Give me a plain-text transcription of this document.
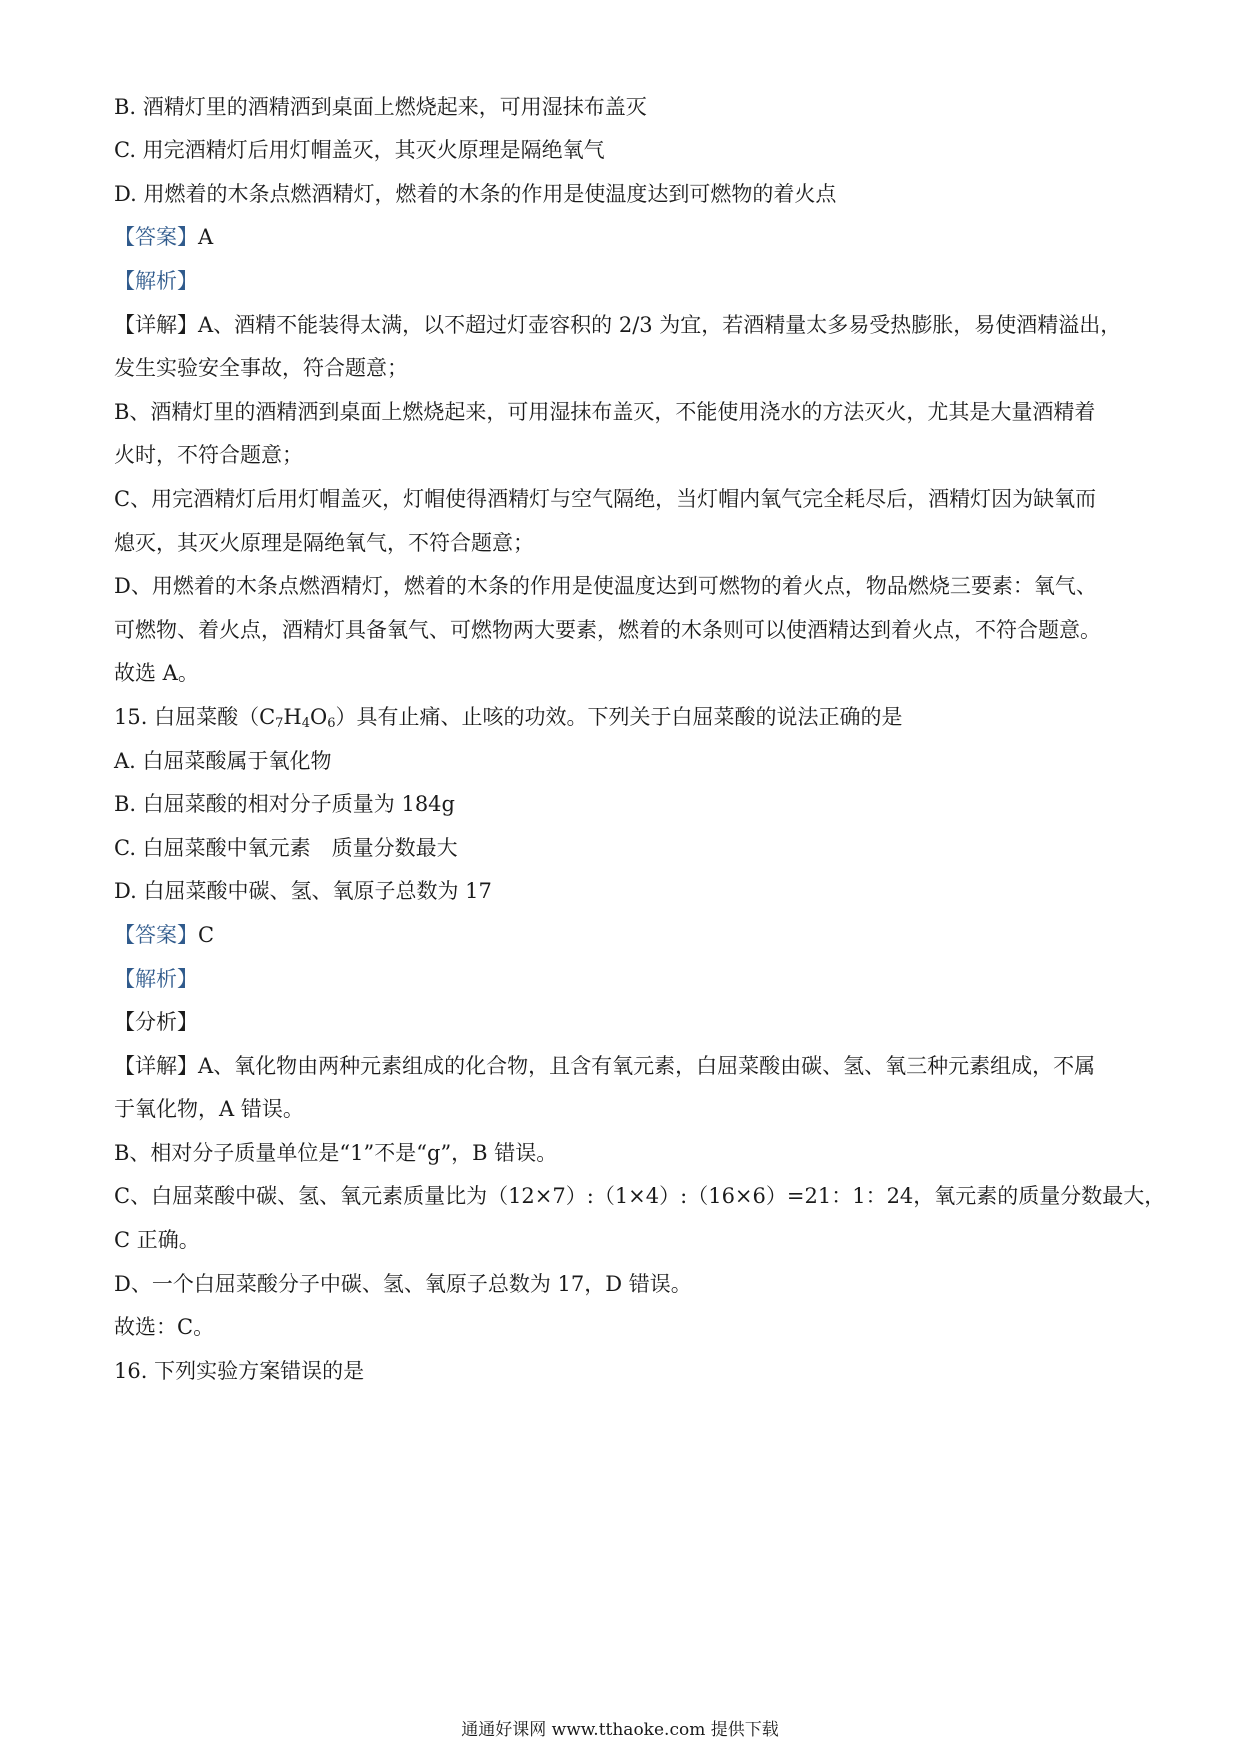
B. 酒精灯里的酒精洒到桌面上燃烧起来，可用湿抹布盖灭
C. 用完酒精灯后用灯帽盖灭，其灭火原理是隔绝氧气
D. 用燃着的木条点燃酒精灯，燃着的木条的作用是使温度达到可燃物的着火点
【答案】A
【解析】
【详解】A、酒精不能装得太满，以不超过灯壶容积的 2/3 为宜，若酒精量太多易受热膨胀，易使酒精溢出，
发生实验安全事故，符合题意；
B、酒精灯里的酒精洒到桌面上燃烧起来，可用湿抹布盖灭，不能使用浇水的方法灭火，尤其是大量酒精着
火时，不符合题意；
C、用完酒精灯后用灯帽盖灭，灯帽使得酒精灯与空气隔绝，当灯帽内氧气完全耗尽后，酒精灯因为缺氧而
熄灭，其灭火原理是隔绝氧气，不符合题意；
D、用燃着的木条点燃酒精灯，燃着的木条的作用是使温度达到可燃物的着火点，物品燃烧三要素：氧气、
可燃物、着火点，酒精灯具备氧气、可燃物两大要素，燃着的木条则可以使酒精达到着火点，不符合题意。
故选 A。
15. 白屈菜酸$(C_7H_4O_6)$具有止痛、止咳的功效。下列关于白屈菜酸的说法正确的是
A. 白屈菜酸属于氧化物
B. 白屈菜酸的相对分子质量为 184g
C. 白屈菜酸中氧元素　质量分数最大
D. 白屈菜酸中碳、氢、氧原子总数为 17
【答案】C
【解析】
【分析】
【详解】A、氧化物由两种元素组成的化合物，且含有氧元素，白屈菜酸由碳、氢、氧三种元素组成，不属
于氧化物，A 错误。
B、相对分子质量单位是“1”不是“g”，B 错误。
C、白屈菜酸中碳、氢、氧元素质量比为（12×7）:（1×4）:（16×6）=21：1：24，氧元素的质量分数最大，
C 正确。
D、一个白屈菜酸分子中碳、氢、氧原子总数为 17，D 错误。
故选：C。
16. 下列实验方案错误的是
通通好课网 www.tthaoke.com 提供下载
